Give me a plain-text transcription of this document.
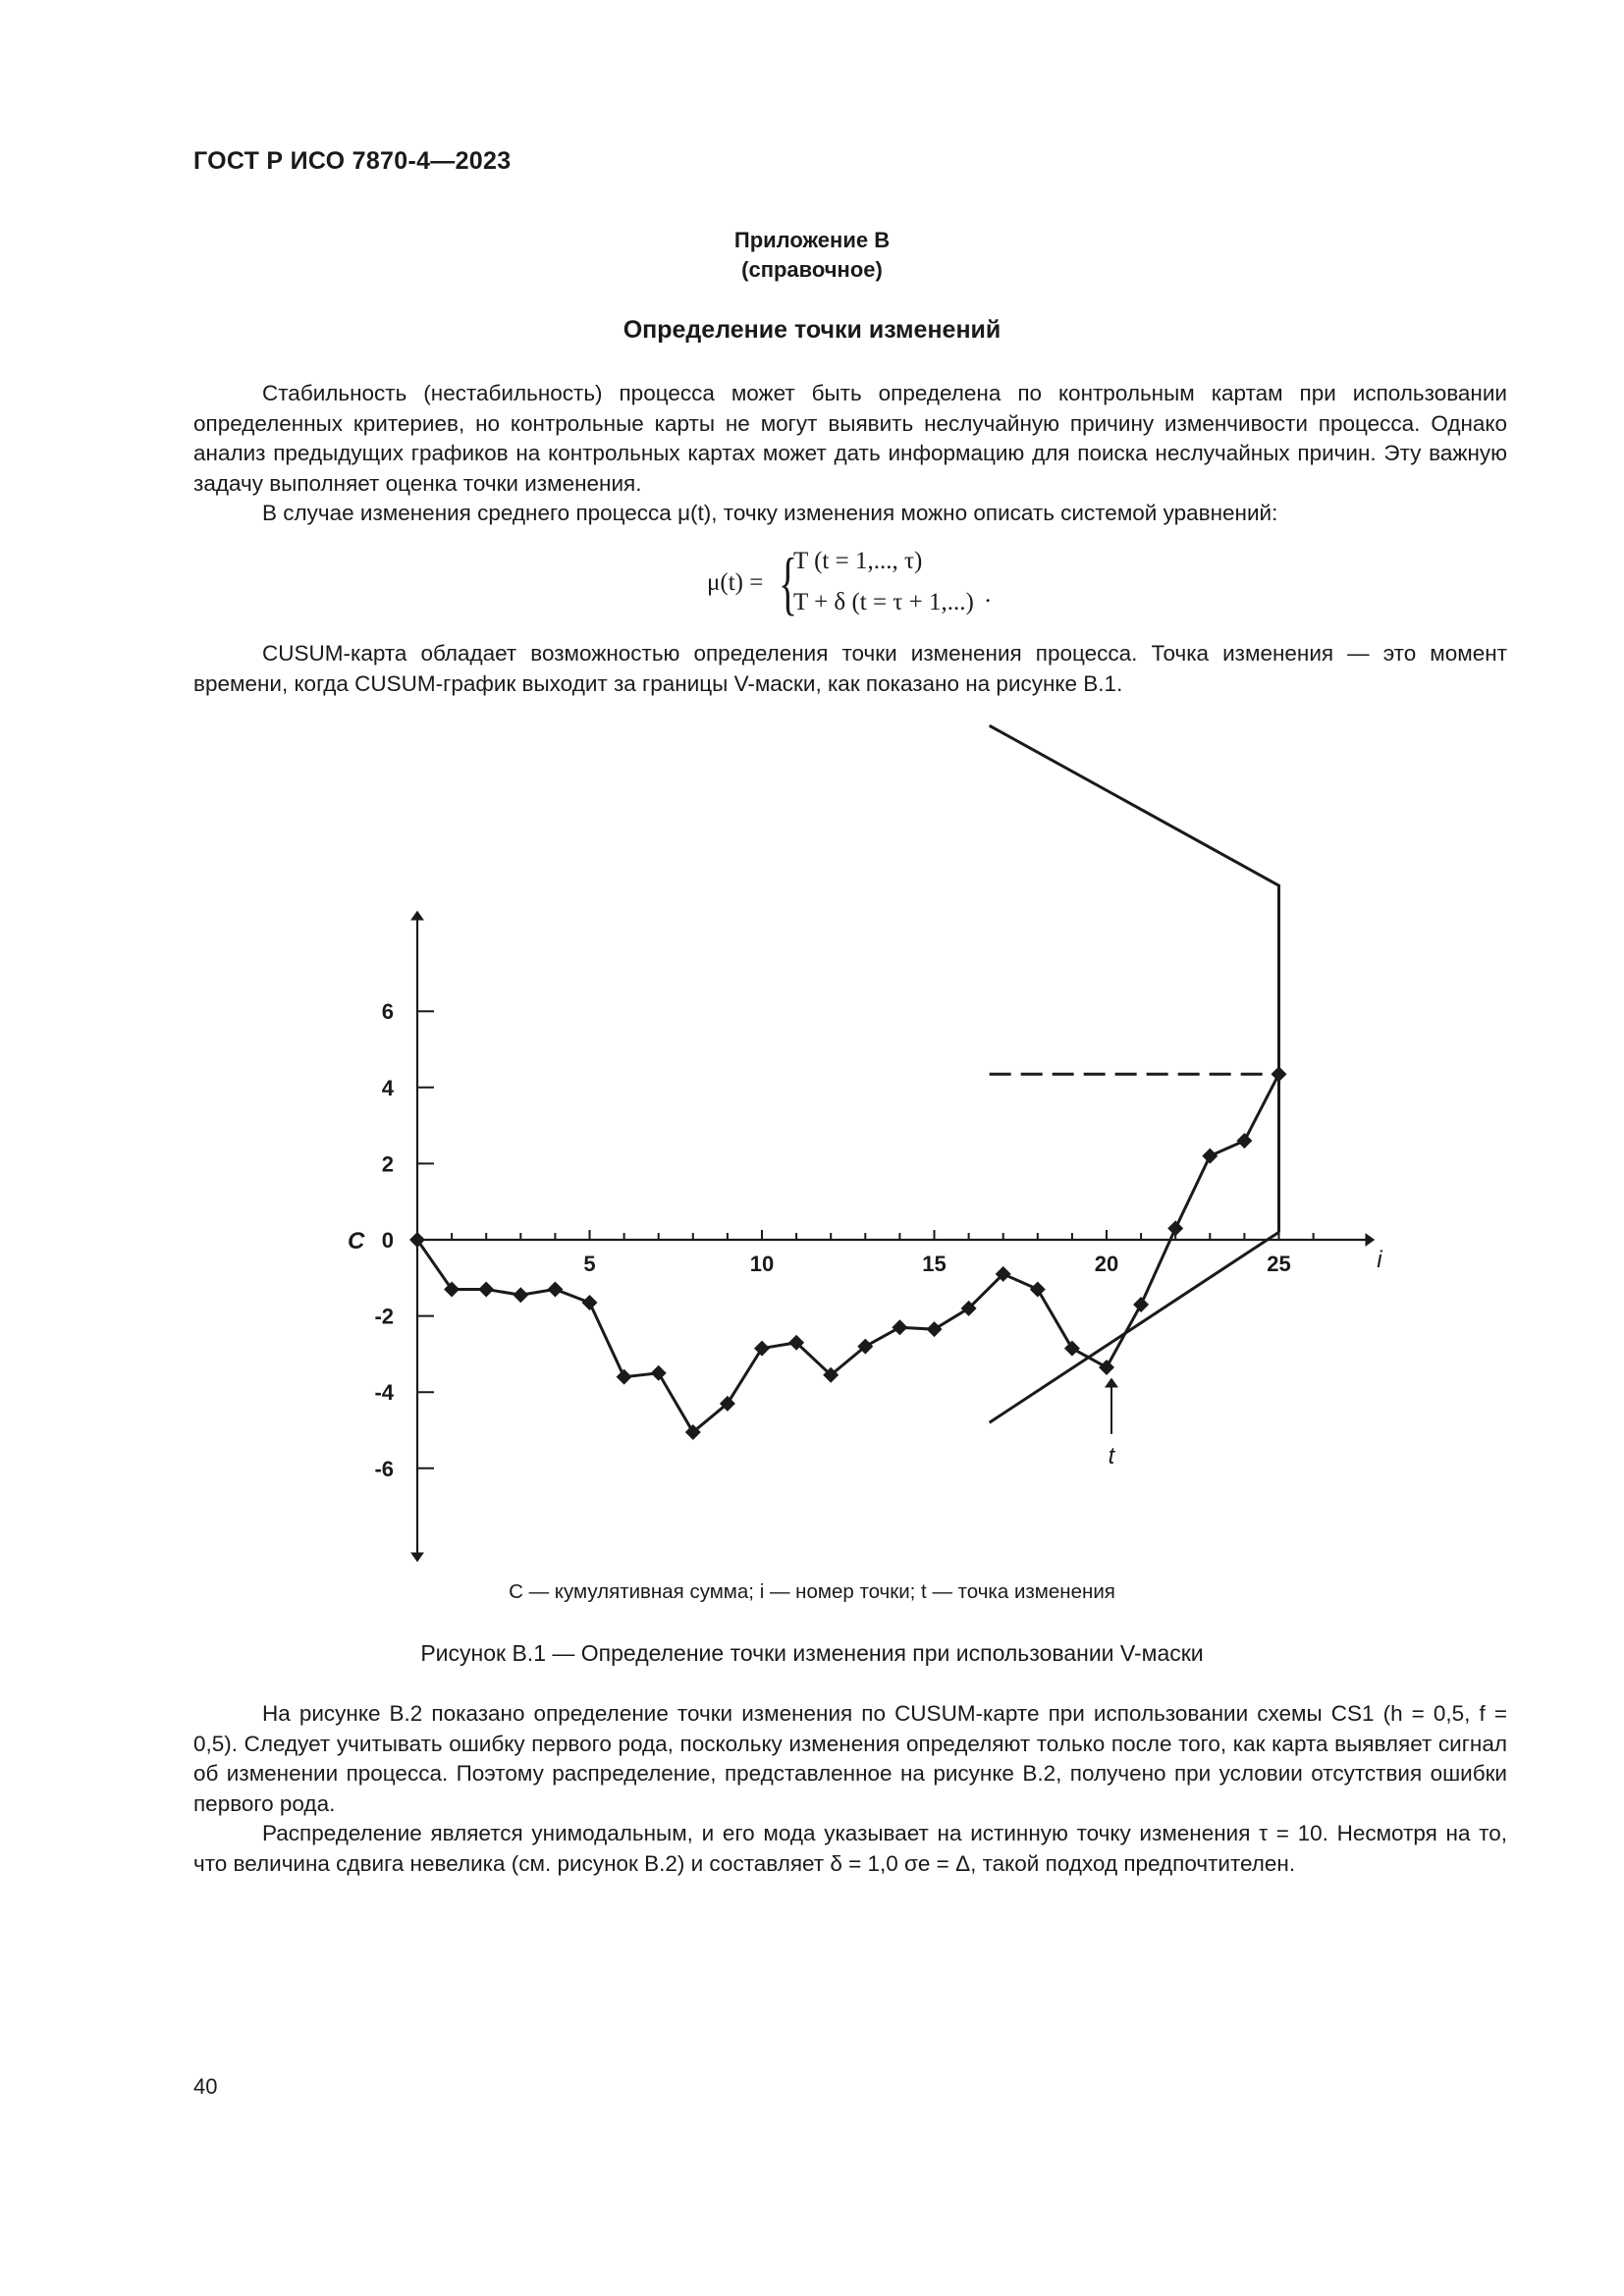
ГОСТ Р ИСО 7870-4—2023
Приложение В
(справочное)
Определение точки изменений

Стабильность (нестабильность) процесса может быть определена по контрольным картам при использовании определенных критериев, но контрольные карты не могут выявить неслучайную причину изменчивости процесса. Однако анализ предыдущих графиков на контрольных картах может дать информацию для поиска неслучайных причин. Эту важную задачу выполняет оценка точки изменения.

В случае изменения среднего процесса μ(t), точку изменения можно описать системой уравнений:

μ(t) = {
T (t = 1,..., τ)
T + δ (t = τ + 1,...) .

CUSUM-карта обладает возможностью определения точки изменения процесса. Точка изменения — это момент времени, когда CUSUM-график выходит за границы V-маски, как показано на рисунке В.1.

5	10	15	20	25
6
4
2
0
-2
-4
-6
C
i
t
C — кумулятивная сумма; i — номер точки; t — точка изменения
Рисунок В.1 — Определение точки изменения при использовании V-маски

На рисунке В.2 показано определение точки изменения по CUSUM-карте при использовании схемы CS1 (h = 0,5, f = 0,5). Следует учитывать ошибку первого рода, поскольку изменения определяют только после того, как карта выявляет сигнал об изменении процесса. Поэтому распределение, представленное на рисунке В.2, получено при условии отсутствия ошибки первого рода.

Распределение является унимодальным, и его мода указывает на истинную точку изменения τ = 10. Несмотря на то, что величина сдвига невелика (см. рисунок В.2) и составляет δ = 1,0 σe = Δ, такой подход предпочтителен.

40
